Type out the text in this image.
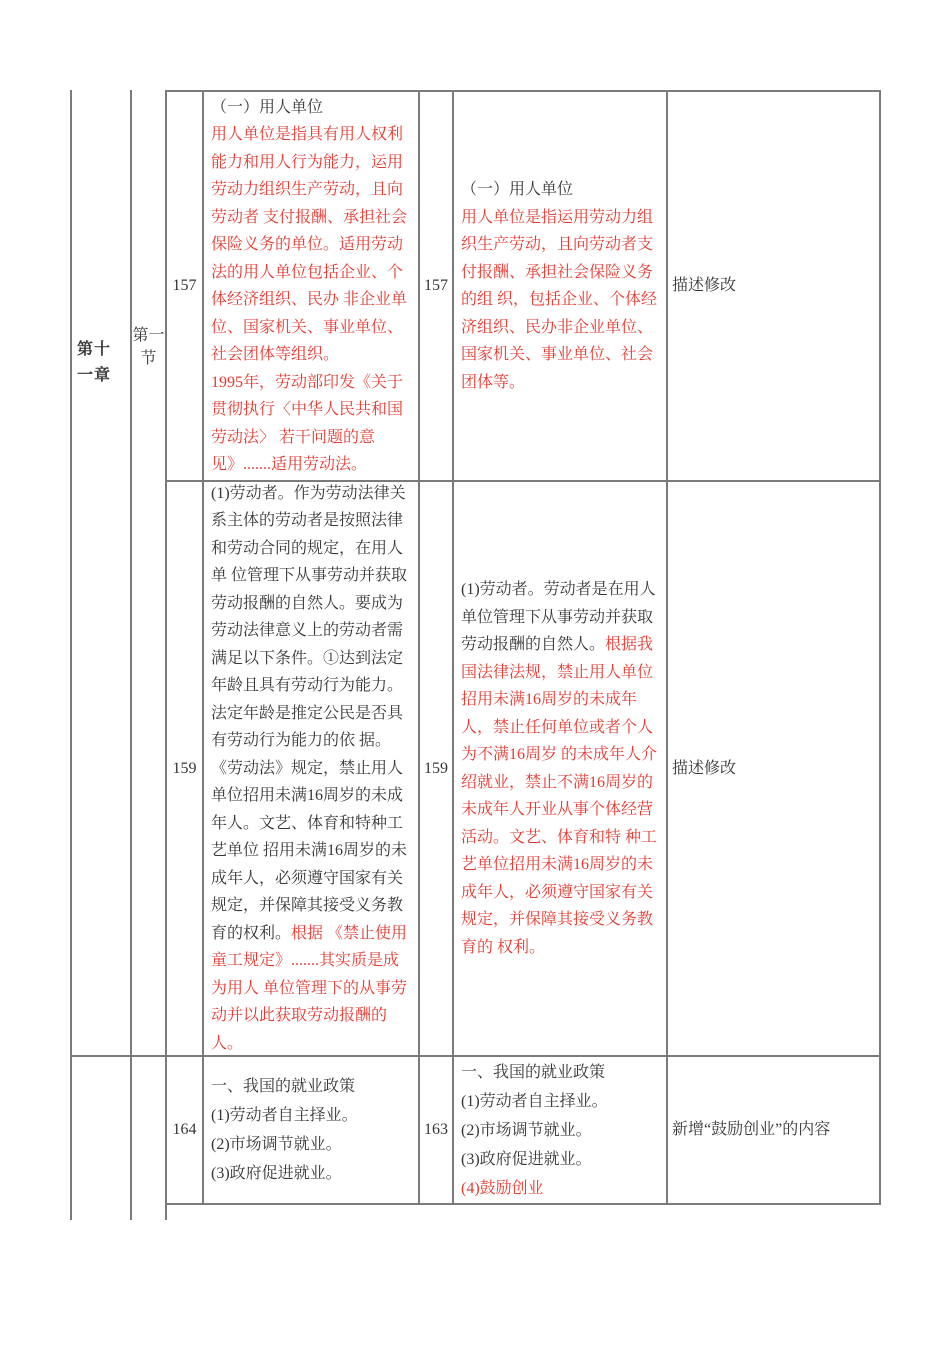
第十一章
第一节
157
（一）用人单位
用人单位是指具有用人权利能力和用人行为能力，运用劳动力组织生产劳动，且向劳动者 支付报酬、承担社会保险义务的单位。适用劳动法的用人单位包括企业、个体经济组织、民办 非企业单位、国家机关、事业单位、社会团体等组织。
1995年，劳动部印发《关于贯彻执行〈中华人民共和国劳动法〉 若干问题的意见》.......适用劳动法。
157
（一）用人单位
用人单位是指运用劳动力组织生产劳动，且向劳动者支付报酬、承担社会保险义务的组 织，包括企业、个体经济组织、民办非企业单位、国家机关、事业单位、社会团体等。
描述修改
159
(1)劳动者。作为劳动法律关系主体的劳动者是按照法律和劳动合同的规定，在用人单 位管理下从事劳动并获取劳动报酬的自然人。要成为劳动法律意义上的劳动者需满足以下条件。①达到法定年龄且具有劳动行为能力。法定年龄是推定公民是否具有劳动行为能力的依 据。《劳动法》规定，禁止用人单位招用未满16周岁的未成年人。文艺、体育和特种工艺单位 招用未满16周岁的未成年人，必须遵守国家有关规定，并保障其接受义务教育的权利。根据 《禁止使用童工规定》.......其实质是成为用人 单位管理下的从事劳动并以此获取劳动报酬的人。
159
(1)劳动者。劳动者是在用人单位管理下从事劳动并获取劳动报酬的自然人。根据我国法律法规，禁止用人单位招用未满16周岁的未成年人，禁止任何单位或者个人为不满16周岁 的未成年人介绍就业，禁止不满16周岁的未成年人开业从事个体经营活动。文艺、体育和特 种工艺单位招用未满16周岁的未成年人，必须遵守国家有关规定，并保障其接受义务教育的 权利。
描述修改
164
一、我国的就业政策
(1)劳动者自主择业。
(2)市场调节就业。
(3)政府促进就业。
163
一、我国的就业政策
(1)劳动者自主择业。
(2)市场调节就业。
(3)政府促进就业。
(4)鼓励创业
新增“鼓励创业”的内容
